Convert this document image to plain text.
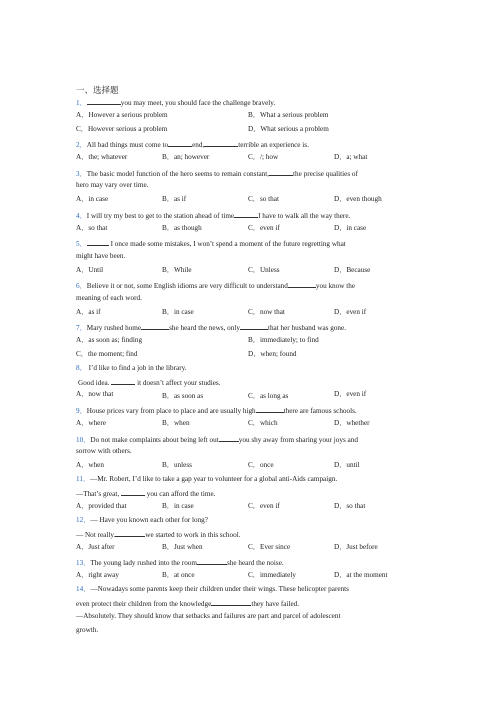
一、选择题
1．	you may meet, you should face the challenge bravely.
A．However a serious problem	B．What a serious problem
C．However serious a problem	D．What serious a problem
2．All bad things must come to	end,	terrible an experience is.
A．the; whatever	B．an; however	C．/; how	D．a; what
3．The basic model function of the hero seems to remain constant,	the precise qualities of
hero may vary over time.
A．in case	B．as if	C．so that	D．even though
4．I will try my best to get to the station ahead of time	I have to walk all the way there.
A．so that	B．as though	C．even if	D．in case
5．	I once made some mistakes, I won’t spend a moment of the future regretting what
might have been.
A．Until	B．While	C．Unless	D．Because
6．Believe it or not, some English idioms are very difficult to understand	you know the
meaning of each word.
A．as if	B．in case	C．now that	D．even if
7．Mary rushed home	she heard the news, only	that her husband was gone.
A．as soon as; finding	B．immediately; to find
C．the moment; find	D．when; found
8． I’d like to find a job in the library.
Good idea.	it doesn’t affect your studies.
A．now that	B．as soon as	C．as long as	D．even if
9．House prices vary from place to place and are usually high	there are famous schools.
A．where	B．when	C．which	D．whether
10．Do not make complaints about being left out	you shy away from sharing your joys and
sorrow with others.
A．when	B．unless	C．once	D．until
11．—Mr. Robert, I’d like to take a gap year to volunteer for a global anti-Aids campaign.
—That’s great,	you can afford the time.
A．provided that	B．in case	C．even if	D．so that
12．— Have you known each other for long?
— Not really.	we started to work in this school.
A．Just after	B．Just when	C．Ever since	D．Just before
13．The young lady rushed into the room	she heard the noise.
A．right away	B．at once	C．immediately	D．at the moment
14．—Nowadays some parents keep their children under their wings. These helicopter parents
even protect their children from the knowledge	they have failed.
—Absolutely. They should know that setbacks and failures are part and parcel of adolescent
growth.
